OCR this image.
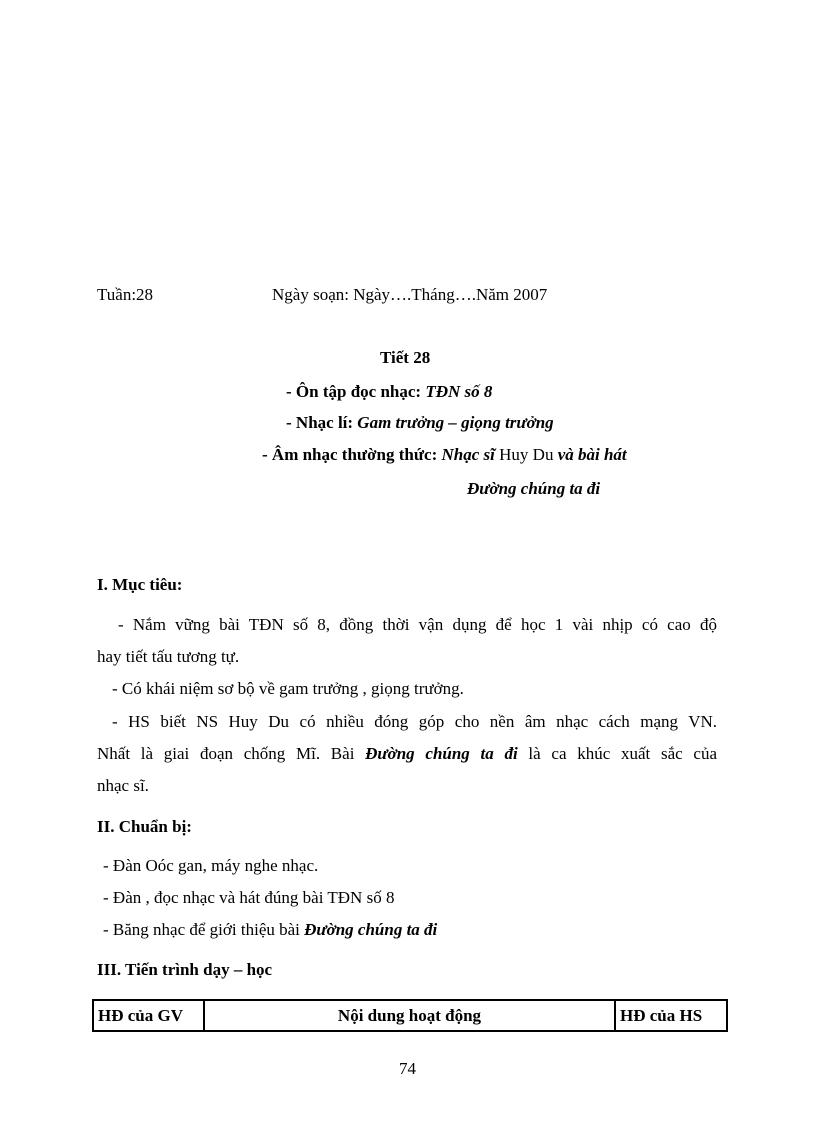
Tuần:28	Ngày soạn: Ngày….Tháng….Năm 2007
Tiết 28
- Ôn tập đọc nhạc: TĐN số 8
- Nhạc lí: Gam trưởng – giọng trưởng
- Âm nhạc thường thức: Nhạc sĩ Huy Du và bài hát
Đường chúng ta đi
I. Mục tiêu:
- Nắm vững bài TĐN số 8, đồng thời vận dụng để học 1 vài nhịp có cao độ
hay tiết tấu tương tự.
- Có khái niệm sơ bộ về gam trưởng , giọng trưởng.
- HS biết NS Huy Du có nhiều đóng góp cho nền âm nhạc cách mạng VN.
Nhất là giai đoạn chống Mĩ. Bài Đường chúng ta đi là ca khúc xuất sắc của
nhạc sĩ.
II. Chuẩn bị:
- Đàn Oóc gan, máy nghe nhạc.
- Đàn , đọc nhạc và hát đúng bài TĐN số 8
- Băng nhạc để giới thiệu bài Đường chúng ta đi
III. Tiến trình dạy – học
HĐ của GV	Nội dung hoạt động	HĐ của HS
74
